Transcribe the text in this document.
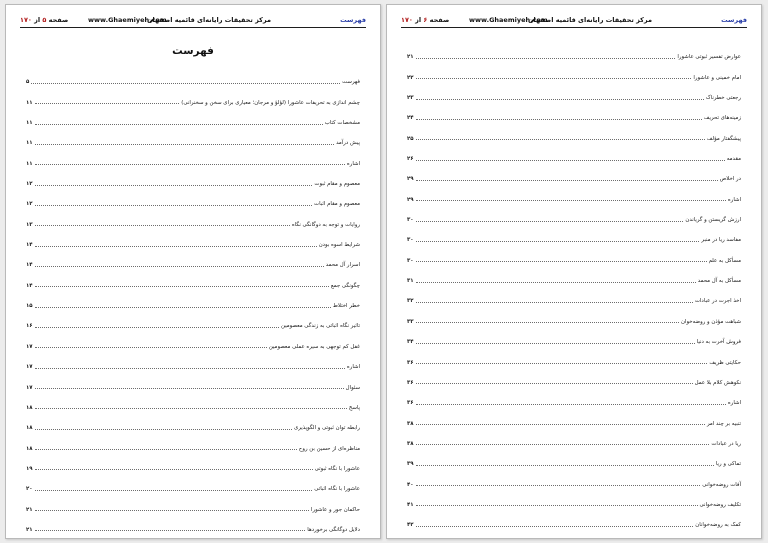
فهرست
مرکز تحقیقات رایانه‌ای قائمیه اصفهان
www.Ghaemiyeh.com
صفحه ۵ از ۱۷۰
فهرست
فهرست
۵
چشم اندازی به تحریفات عاشورا (لؤلؤ و مرجان؛ معیاری برای سخن و سخنرانی)
۱۱
مشخصات کتاب
۱۱
پیش درآمد
۱۱
اشاره
۱۱
معصوم و مقام ثبوت
۱۲
معصوم و مقام اثبات
۱۲
روایات و توجه به دوگانگی نگاه
۱۳
شرایط اسوه بودن
۱۴
اسرار آل محمد
۱۴
چگونگی جمع
۱۴
خطر اختلاط
۱۵
تاثیر نگاه اثباتی به زندگی معصومین
۱۶
غفل کم توجهی به سیره عملی معصومین
۱۷
اشاره
۱۷
سئوال
۱۷
پاسخ
۱۸
رابطه توان ثبوتی و الگوپذیری
۱۸
مناظره‌ای از حسین بن روح
۱۸
عاشورا با نگاه ثبوتی
۱۹
عاشورا با نگاه اثباتی
۲۰
حاکمان جور و عاشورا
۲۱
دلایل دوگانگی برخوردها
۲۱
فهرست
مرکز تحقیقات رایانه‌ای قائمیه اصفهان
www.Ghaemiyeh.com
صفحه ۶ از ۱۷۰
عوارض تفسیر ثبوتی عاشورا
۲۱
امام خمینی و عاشورا
۲۲
رجعتی خطرناک
۲۳
زمینه‌های تحریف
۲۴
پیشگفتار مؤلف
۲۵
مقدمه
۲۶
در اخلاص
۲۹
اشاره
۲۹
ارزش گریستن و گریاندن
۳۰
مفاسد ریا در منبر
۳۰
مسأکل به علم
۳۰
مسأکل به آل محمد
۳۱
اخذ اجرت در عبادات
۳۲
شباهت مؤذن و روضه‌خوان
۳۳
فروش آخرت به دنیا
۳۴
حکایتی ظریف
۳۶
نکوهش کلام بلا عمل
۳۶
اشاره
۳۶
تنبیه بر چند امر
۳۸
ریا در عبادات
۳۸
تماکی و ریا
۳۹
آفات روضه‌خوانی
۴۰
تکلیف روضه‌خوانی
۴۱
کمک به روضه‌خوانان
۴۲
